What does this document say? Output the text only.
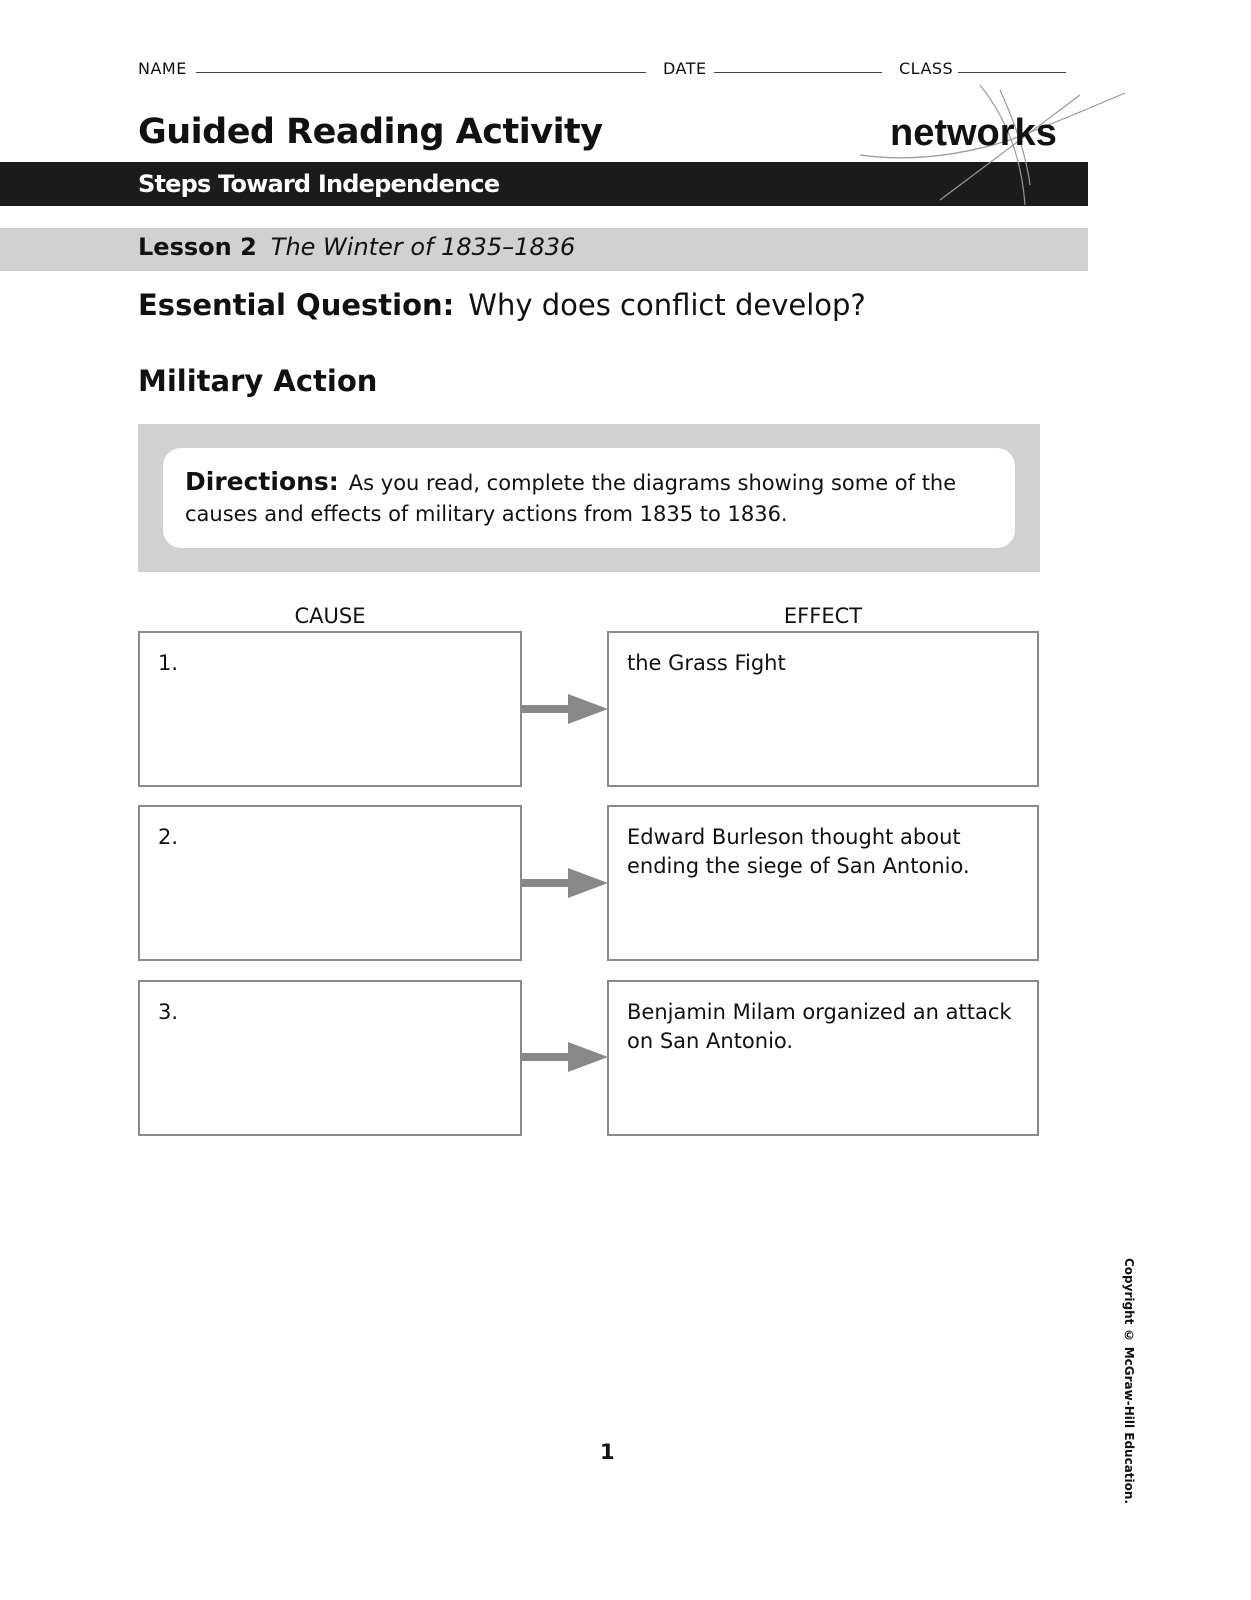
NAME	DATE	CLASS
Guided Reading Activity
Steps Toward Independence
networks
Lesson 2 The Winter of 1835–1836
Essential Question: Why does conflict develop?
Military Action
Directions: As you read, complete the diagrams showing some of the causes and effects of military actions from 1835 to 1836.
CAUSE	EFFECT
1.	the Grass Fight
2.	Edward Burleson thought about ending the siege of San Antonio.
3.	Benjamin Milam organized an attack on San Antonio.
1	Copyright © McGraw-Hill Education.
